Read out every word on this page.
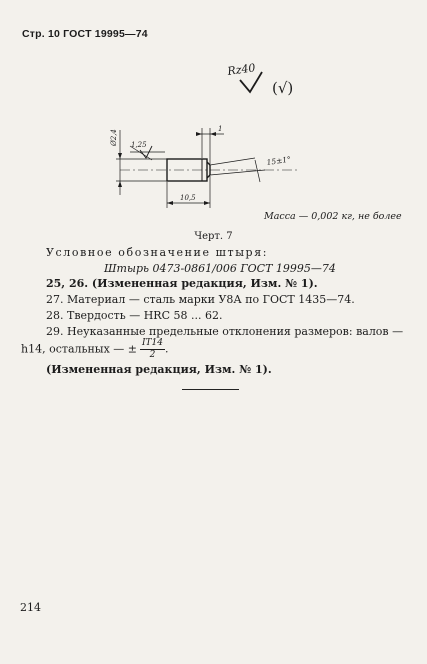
Стр. 10 ГОСТ 19995—74
Rz40
(√)
1,25
1
Ø2,4
10,5
15±1°
Масса — 0,002 кг, не более
Черт. 7
Условное обозначение штыря:
Штырь 0473-0861/006 ГОСТ 19995—74
25, 26. (Измененная редакция, Изм. № 1).
27. Материал — сталь марки У8А по ГОСТ 1435—74.
28. Твердость — HRC 58 ... 62.
29. Неуказанные предельные отклонения размеров: валов —
h14, остальных — ± $\frac{IT14}{2}$ .
(Измененная редакция, Изм. № 1).
214
